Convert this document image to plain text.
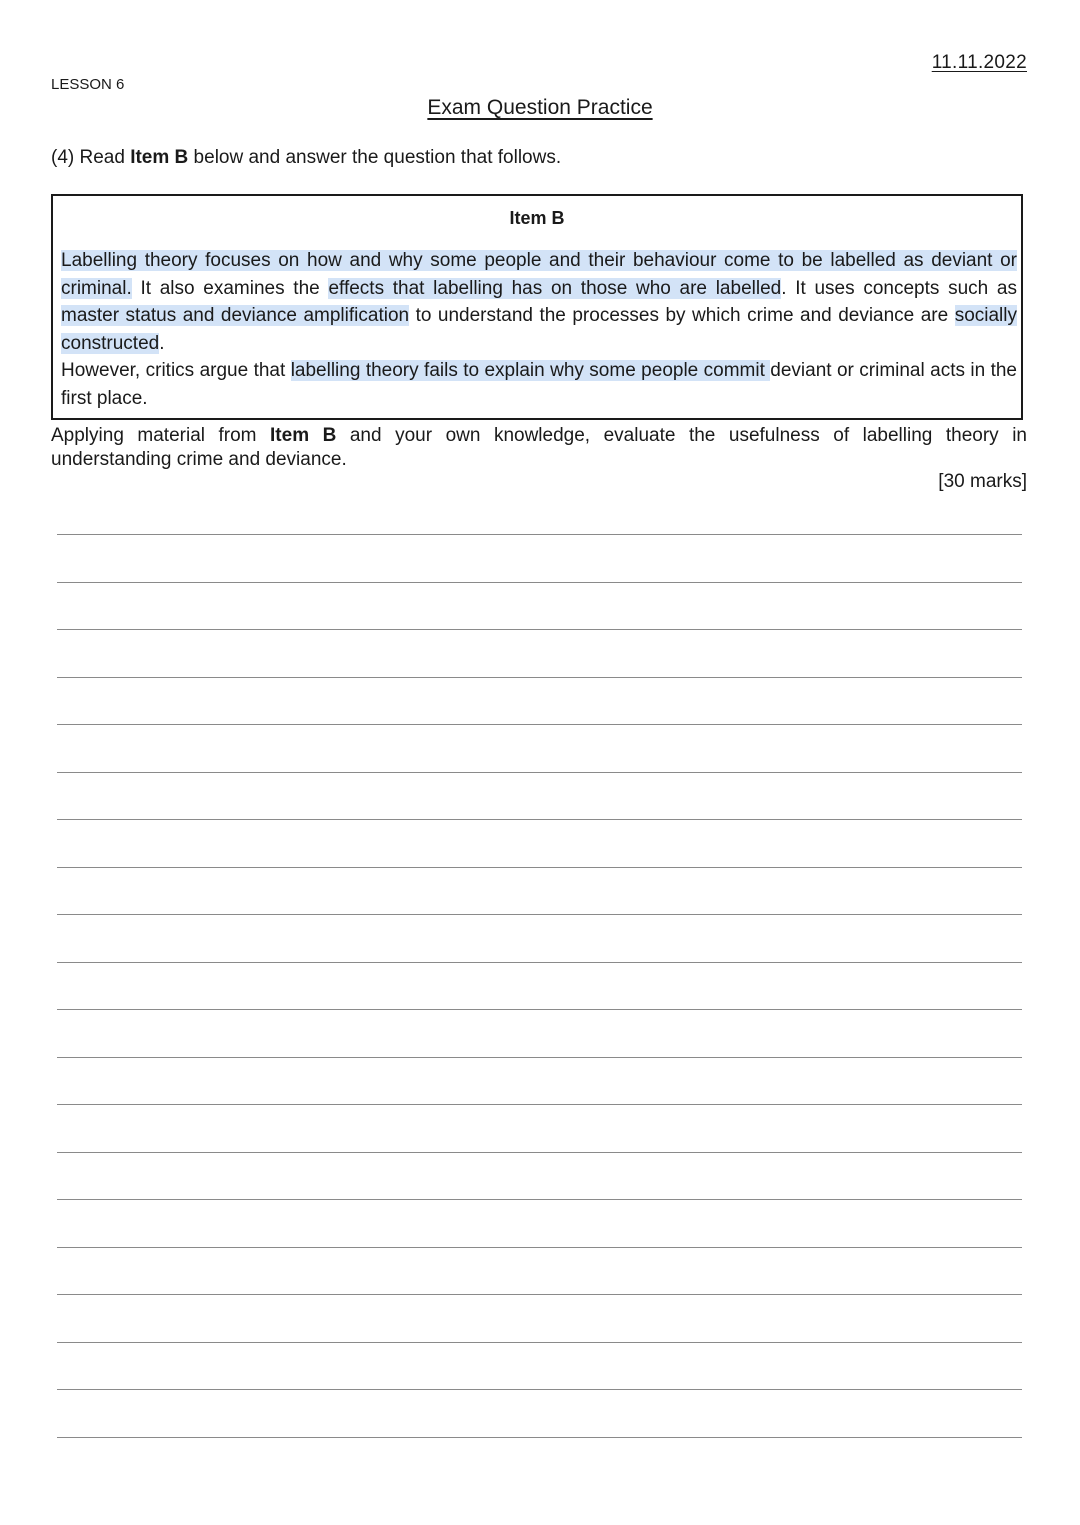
11.11.2022
LESSON 6
Exam Question Practice
(4) Read Item B below and answer the question that follows.
Item B

Labelling theory focuses on how and why some people and their behaviour come to be labelled as deviant or criminal. It also examines the effects that labelling has on those who are labelled. It uses concepts such as master status and deviance amplification to understand the processes by which crime and deviance are socially constructed.

However, critics argue that labelling theory fails to explain why some people commit deviant or criminal acts in the first place.

Applying material from Item B and your own knowledge, evaluate the usefulness of labelling theory in
understanding crime and deviance.
[30 marks]
